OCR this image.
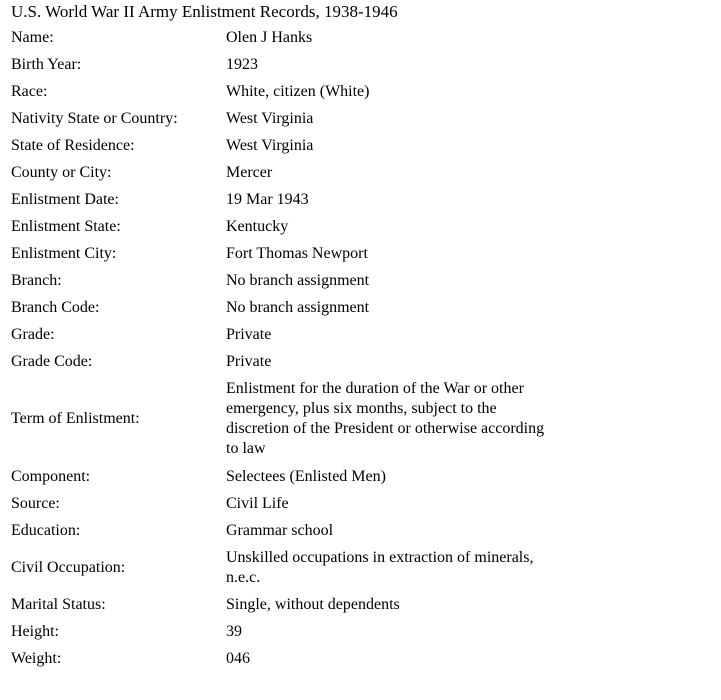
U.S. World War II Army Enlistment Records, 1938-1946
Name:	Olen J Hanks
Birth Year:	1923
Race:	White, citizen (White)
Nativity State or Country:	West Virginia
State of Residence:	West Virginia
County or City:	Mercer
Enlistment Date:	19 Mar 1943
Enlistment State:	Kentucky
Enlistment City:	Fort Thomas Newport
Branch:	No branch assignment
Branch Code:	No branch assignment
Grade:	Private
Grade Code:	Private
Term of Enlistment:	Enlistment for the duration of the War or other emergency, plus six months, subject to the discretion of the President or otherwise according to law
Component:	Selectees (Enlisted Men)
Source:	Civil Life
Education:	Grammar school
Civil Occupation:	Unskilled occupations in extraction of minerals, n.e.c.
Marital Status:	Single, without dependents
Height:	39
Weight:	046
